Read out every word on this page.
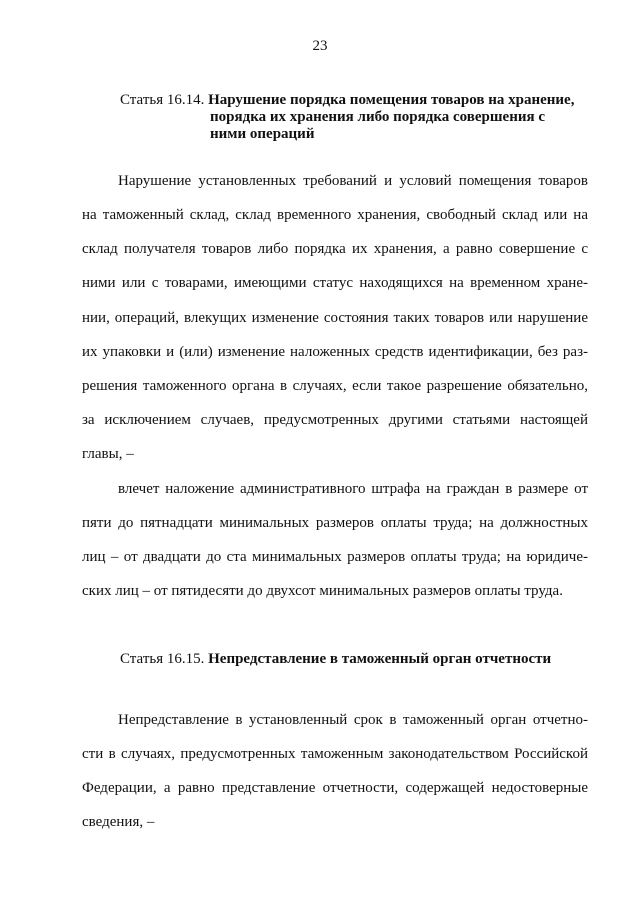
23
Статья 16.14. Нарушение порядка помещения товаров на хранение,
порядка их хранения либо порядка совершения с
ними операций
Нарушение установленных требований и условий помещения товаров
на таможенный склад, склад временного хранения, свободный склад или на
склад получателя товаров либо порядка их хранения, а равно совершение с
ними или с товарами, имеющими статус находящихся на временном хране-
нии, операций, влекущих изменение состояния таких товаров или нарушение
их упаковки и (или) изменение наложенных средств идентификации, без раз-
решения таможенного органа в случаях, если такое разрешение обязательно,
за исключением случаев, предусмотренных другими статьями настоящей
главы, –
влечет наложение административного штрафа на граждан в размере от
пяти до пятнадцати минимальных размеров оплаты труда; на должностных
лиц – от двадцати до ста минимальных размеров оплаты труда; на юридиче-
ских лиц – от пятидесяти до двухсот минимальных размеров оплаты труда.
Статья 16.15. Непредставление в таможенный орган отчетности
Непредставление в установленный срок в таможенный орган отчетно-
сти в случаях, предусмотренных таможенным законодательством Российской
Федерации, а равно представление отчетности, содержащей недостоверные
сведения, –
